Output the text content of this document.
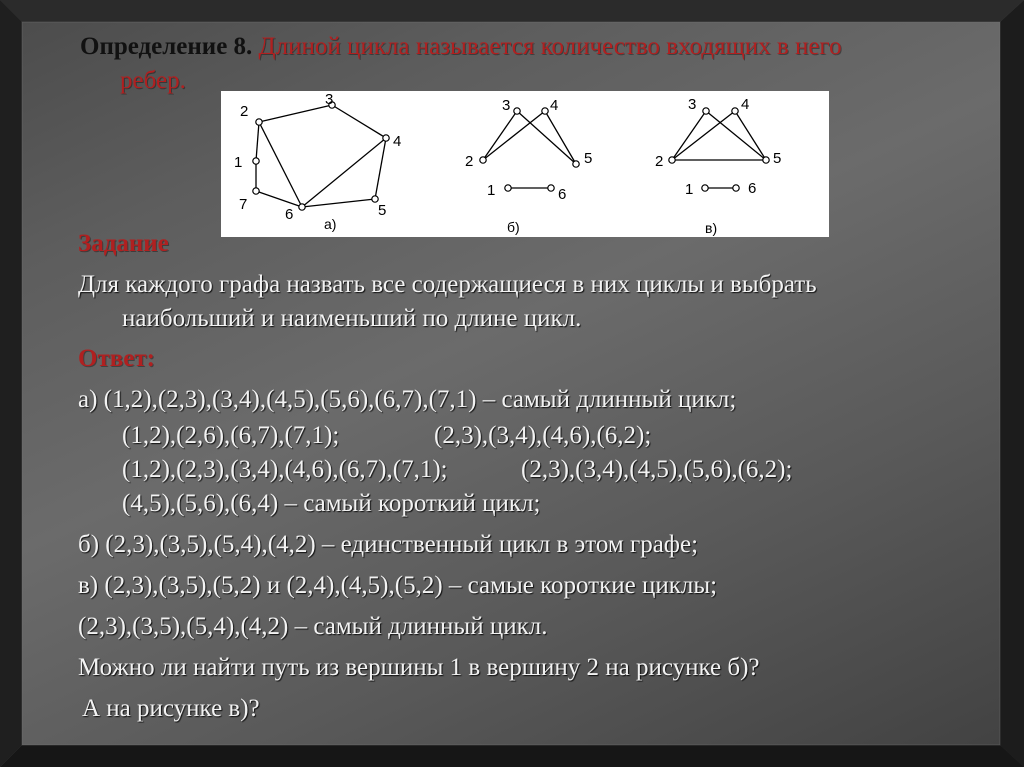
Определение 8. Длиной цикла называется количество входящих в него
ребер.
1
2
3
4
5
6
7
а)
1
2
3	4
5
6
б)
1
2
3	4
5
6
в)
Задание
Для каждого графа назвать все содержащиеся в них циклы и выбрать
наибольший и наименьший по длине цикл.
Ответ:
а) (1,2),(2,3),(3,4),(4,5),(5,6),(6,7),(7,1) – самый длинный цикл;
(1,2),(2,6),(6,7),(7,1);	(2,3),(3,4),(4,6),(6,2);
(1,2),(2,3),(3,4),(4,6),(6,7),(7,1);	(2,3),(3,4),(4,5),(5,6),(6,2);
(4,5),(5,6),(6,4) – самый короткий цикл;
б) (2,3),(3,5),(5,4),(4,2) – единственный цикл в этом графе;
в) (2,3),(3,5),(5,2) и (2,4),(4,5),(5,2) – самые короткие циклы;
(2,3),(3,5),(5,4),(4,2) – самый длинный цикл.
Можно ли найти путь из вершины 1 в вершину 2 на рисунке б)?
А на рисунке в)?
